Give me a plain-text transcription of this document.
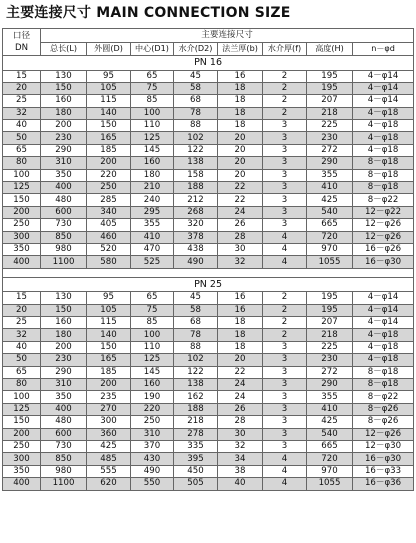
主要连接尺寸 MAIN CONNECTION SIZE
口径
DN	主要连接尺寸							
	总长(L)	外圆(D)	中心(D1)	水介(D2)	法兰厚(b)	水介厚(f)	高度(H)	n－φd
PN 16								
15	130	95	65	45	16	2	195	4－φ14
20	150	105	75	58	18	2	195	4－φ14
25	160	115	85	68	18	2	207	4－φ14
32	180	140	100	78	18	2	218	4－φ18
40	200	150	110	88	18	3	225	4－φ18
50	230	165	125	102	20	3	230	4－φ18
65	290	185	145	122	20	3	272	4－φ18
80	310	200	160	138	20	3	290	8－φ18
100	350	220	180	158	20	3	355	8－φ18
125	400	250	210	188	22	3	410	8－φ18
150	480	285	240	212	22	3	425	8－φ22
200	600	340	295	268	24	3	540	12－φ22
250	730	405	355	320	26	3	665	12－φ26
300	850	460	410	378	28	4	720	12－φ26
350	980	520	470	438	30	4	970	16－φ26
400	1100	580	525	490	32	4	1055	16－φ30

PN 25								
15	130	95	65	45	16	2	195	4－φ14
20	150	105	75	58	16	2	195	4－φ14
25	160	115	85	68	18	2	207	4－φ14
32	180	140	100	78	18	2	218	4－φ18
40	200	150	110	88	18	3	225	4－φ18
50	230	165	125	102	20	3	230	4－φ18
65	290	185	145	122	22	3	272	8－φ18
80	310	200	160	138	24	3	290	8－φ18
100	350	235	190	162	24	3	355	8－φ22
125	400	270	220	188	26	3	410	8－φ26
150	480	300	250	218	28	3	425	8－φ26
200	600	360	310	278	30	3	540	12－φ26
250	730	425	370	335	32	3	665	12－φ30
300	850	485	430	395	34	4	720	16－φ30
350	980	555	490	450	38	4	970	16－φ33
400	1100	620	550	505	40	4	1055	16－φ36
